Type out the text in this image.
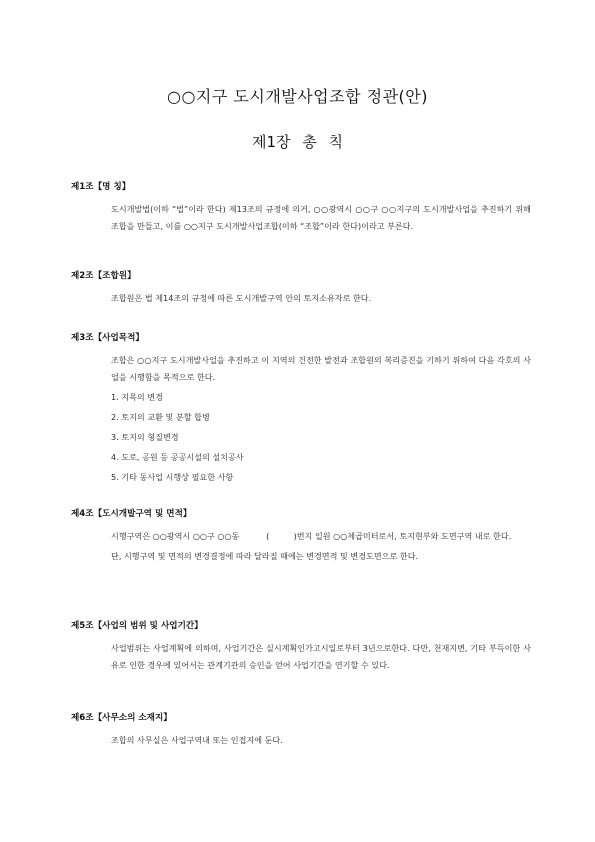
○○지구 도시개발사업조합 정관(안)
제1장 총 칙
제1조【명 칭】

도시개발법(이하 “법”이라 한다) 제13조의 규정에 의거, ○○광역시 ○○구 ○○지구의 도시개발사업을 추진하기 위해 조합을 만들고, 이를 ○○지구 도시개발사업조합(이하 “조합”이라 한다)이라고 부른다.

제2조【조합원】

조합원은 법 제14조의 규정에 따른 도시개발구역 안의 토지소유자로 한다.

제3조【사업목적】

조합은 ○○지구 도시개발사업을 추진하고 이 지역의 건전한 발전과 조합원의 복리증진을 기하기 위하여 다음 각호의 사업을 시행함을 목적으로 한다.

1. 지목의 변경
2. 토지의 교환 및 분할 합병
3. 토지의 형질변경
4. 도로, 공원 등 공공시설의 설치공사
5. 기타 동사업 시행상 필요한 사항
제4조【도시개발구역 및 면적】

시행구역은 ○○광역시 ○○구 ○○동 　　　(　　　)번지 일원 ○○제곱미터로서, 토지현부와 도면구역 내로 한다.

단, 시행구역 및 면적의 변경결정에 따라 달라질 때에는 변경면적 및 변경도면으로 한다.

제5조【사업의 범위 및 사업기간】

사업범위는 사업계획에 의하며, 사업기간은 실시계획인가고시일로부터 3년으로한다. 다만, 천재지변, 기타 부득이한 사유로 인한 경우에 있어서는 관계기관의 승인을 얻어 사업기간을 연기할 수 있다.

제6조【사무소의 소재지】

조합의 사무실은 사업구역내 또는 인접지에 둔다.
